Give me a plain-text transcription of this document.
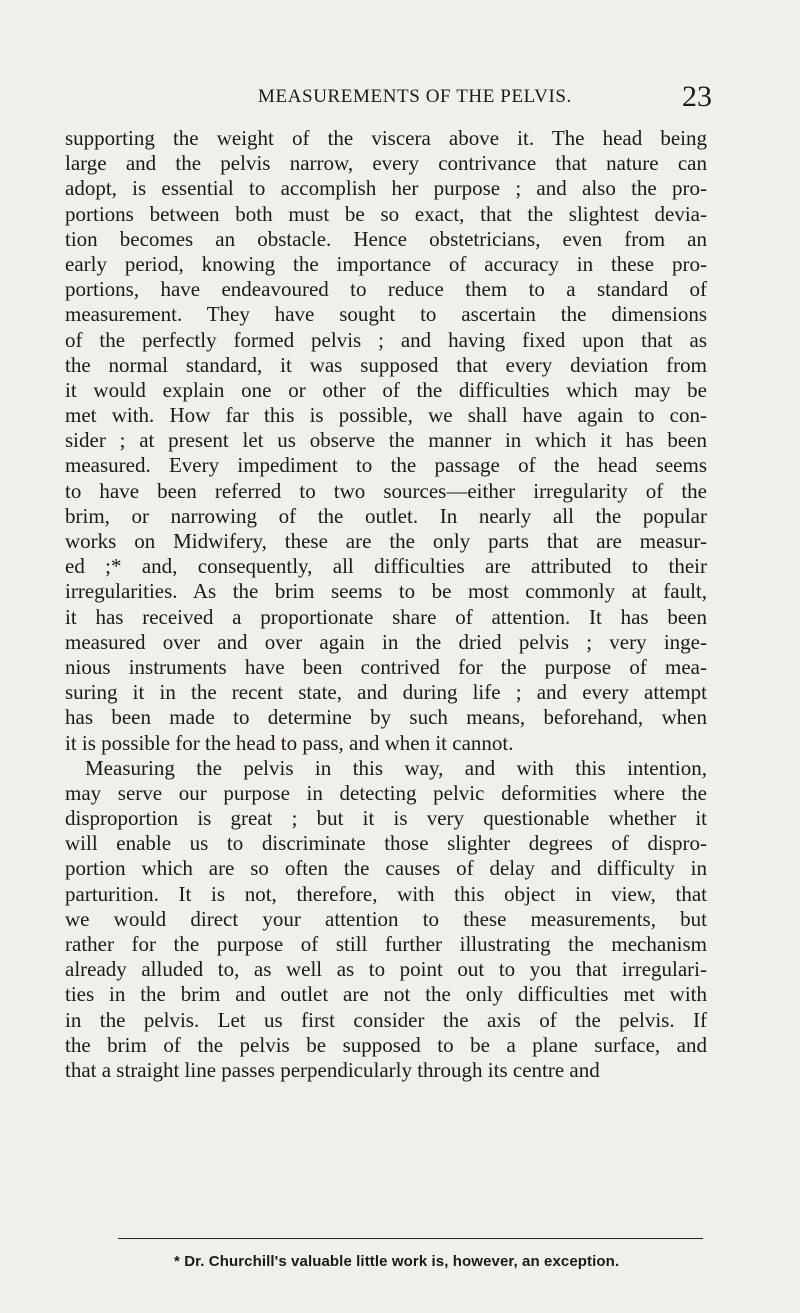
MEASUREMENTS OF THE PELVIS.	23
supporting the weight of the viscera above it. The head being
large and the pelvis narrow, every contrivance that nature can
adopt, is essential to accomplish her purpose ; and also the pro-
portions between both must be so exact, that the slightest devia-
tion becomes an obstacle. Hence obstetricians, even from an
early period, knowing the importance of accuracy in these pro-
portions, have endeavoured to reduce them to a standard of
measurement. They have sought to ascertain the dimensions
of the perfectly formed pelvis ; and having fixed upon that as
the normal standard, it was supposed that every deviation from
it would explain one or other of the difficulties which may be
met with. How far this is possible, we shall have again to con-
sider ; at present let us observe the manner in which it has been
measured. Every impediment to the passage of the head seems
to have been referred to two sources—either irregularity of the
brim, or narrowing of the outlet. In nearly all the popular
works on Midwifery, these are the only parts that are measur-
ed ;* and, consequently, all difficulties are attributed to their
irregularities. As the brim seems to be most commonly at fault,
it has received a proportionate share of attention. It has been
measured over and over again in the dried pelvis ; very inge-
nious instruments have been contrived for the purpose of mea-
suring it in the recent state, and during life ; and every attempt
has been made to determine by such means, beforehand, when
it is possible for the head to pass, and when it cannot.
Measuring the pelvis in this way, and with this intention,
may serve our purpose in detecting pelvic deformities where the
disproportion is great ; but it is very questionable whether it
will enable us to discriminate those slighter degrees of dispro-
portion which are so often the causes of delay and difficulty in
parturition. It is not, therefore, with this object in view, that
we would direct your attention to these measurements, but
rather for the purpose of still further illustrating the mechanism
already alluded to, as well as to point out to you that irregulari-
ties in the brim and outlet are not the only difficulties met with
in the pelvis. Let us first consider the axis of the pelvis. If
the brim of the pelvis be supposed to be a plane surface, and
that a straight line passes perpendicularly through its centre and
* Dr. Churchill's valuable little work is, however, an exception.
